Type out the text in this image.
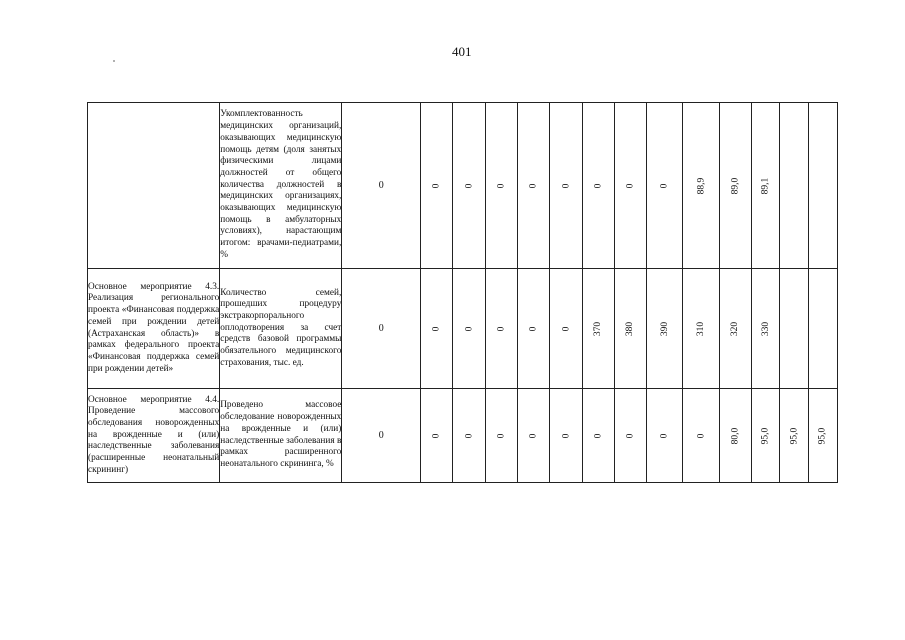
401
	Укомплектованность медицинских организаций, оказывающих медицинскую помощь детям (доля занятых физическими лицами должностей от общего количества должностей в медицинских организациях, оказывающих медицинскую помощь в амбулаторных условиях), нарастающим итогом: врачами-педиатрами, %	0	0	0	0	0	0	0	0	0	88,9	89,0	89,1		
Основное мероприятие 4.3. Реализация регионального проекта «Финансовая поддержка семей при рождении детей (Астраханская область)» в рамках федерального проекта «Финансовая поддержка семей при рождении детей»	Количество семей, прошедших процедуру экстракорпорального оплодотворения за счет средств базовой программы обязательного медицинского страхования, тыс. ед.	0	0	0	0	0	0	370	380	390	310	320	330		
Основное мероприятие 4.4. Проведение массового обследования новорожденных на врожденные и (или) наследственные заболевания (расширенные неонатальный скрининг)	Проведено массовое обследование новорожденных на врожденные и (или) наследственные заболевания в рамках расширенного неонатального скрининга, %	0	0	0	0	0	0	0	0	0	0	80,0	95,0	95,0	95,0
